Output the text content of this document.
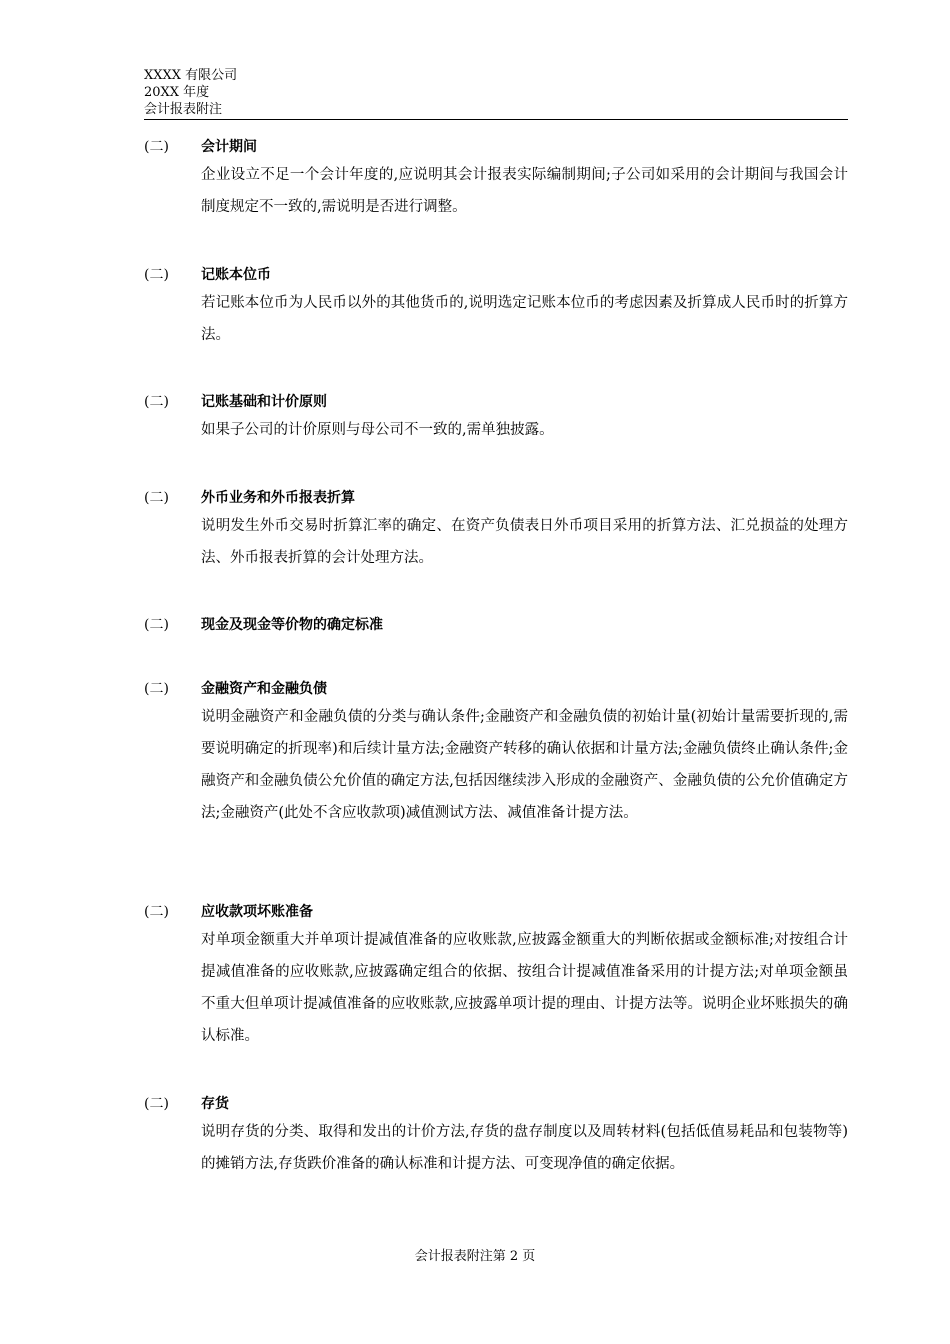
XXXX 有限公司
20XX 年度
会计报表附注
(二)	会计期间
企业设立不足一个会计年度的,应说明其会计报表实际编制期间;子公司如采用的会计期间与我国会计制度规定不一致的,需说明是否进行调整。
(二)	记账本位币
若记账本位币为人民币以外的其他货币的,说明选定记账本位币的考虑因素及折算成人民币时的折算方法。
(二)	记账基础和计价原则
如果子公司的计价原则与母公司不一致的,需单独披露。
(二)	外币业务和外币报表折算
说明发生外币交易时折算汇率的确定、在资产负债表日外币项目采用的折算方法、汇兑损益的处理方法、外币报表折算的会计处理方法。
(二)	现金及现金等价物的确定标准
(二)	金融资产和金融负债
说明金融资产和金融负债的分类与确认条件;金融资产和金融负债的初始计量(初始计量需要折现的,需要说明确定的折现率)和后续计量方法;金融资产转移的确认依据和计量方法;金融负债终止确认条件;金融资产和金融负债公允价值的确定方法,包括因继续涉入形成的金融资产、金融负债的公允价值确定方法;金融资产(此处不含应收款项)减值测试方法、减值准备计提方法。
(二)	应收款项坏账准备
对单项金额重大并单项计提减值准备的应收账款,应披露金额重大的判断依据或金额标准;对按组合计提减值准备的应收账款,应披露确定组合的依据、按组合计提减值准备采用的计提方法;对单项金额虽不重大但单项计提减值准备的应收账款,应披露单项计提的理由、计提方法等。说明企业坏账损失的确认标准。
(二)	存货
说明存货的分类、取得和发出的计价方法,存货的盘存制度以及周转材料(包括低值易耗品和包装物等)的摊销方法,存货跌价准备的确认标准和计提方法、可变现净值的确定依据。
会计报表附注第 2 页
